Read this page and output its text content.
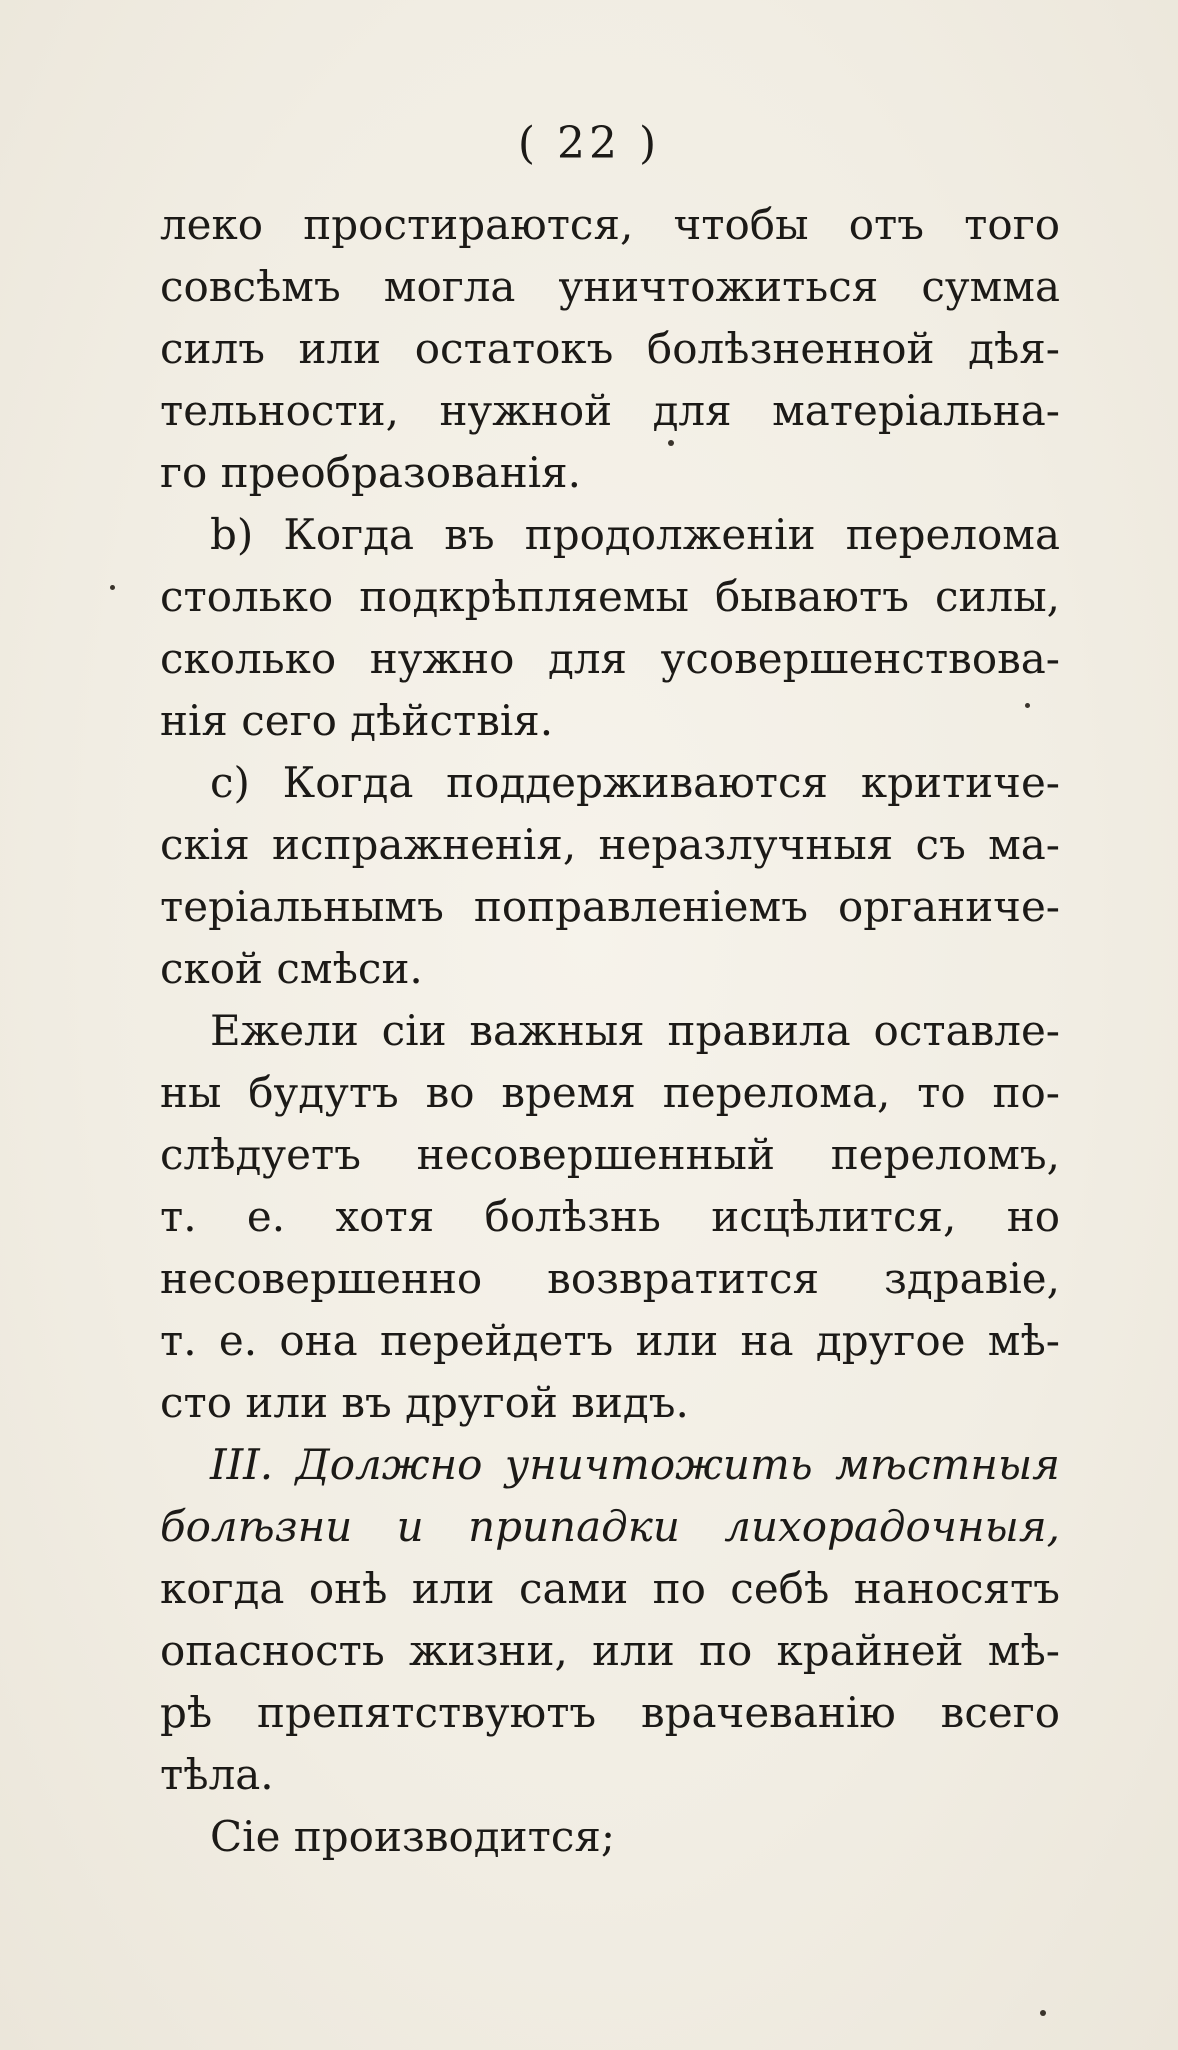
( 22 )
леко простираются, чтобы отъ того
совсѣмъ могла уничтожиться сумма
силъ или остатокъ болѣзненной дѣя-
тельности, нужной для матеріальна-
го преобразованія.
b) Когда въ продолженіи перелома
столько подкрѣпляемы бываютъ силы,
сколько нужно для усовершенствова-
нія сего дѣйствія.
c) Когда поддерживаются критиче-
скія испражненія, неразлучныя съ ма-
теріальнымъ поправленіемъ органиче-
ской смѣси.
Ежели сіи важныя правила оставле-
ны будутъ во время перелома, то по-
слѣдуетъ несовершенный переломъ,
т. е. хотя болѣзнь исцѣлится, но
несовершенно возвратится здравіе,
т. е. она перейдетъ или на другое мѣ-
сто или въ другой видъ.
III. Должно уничтожить мѣстныя
болѣзни и припадки лихорадочныя,
когда онѣ или сами по себѣ наносятъ
опасность жизни, или по крайней мѣ-
рѣ препятствуютъ врачеванію всего
тѣла.
Сіе производится;
